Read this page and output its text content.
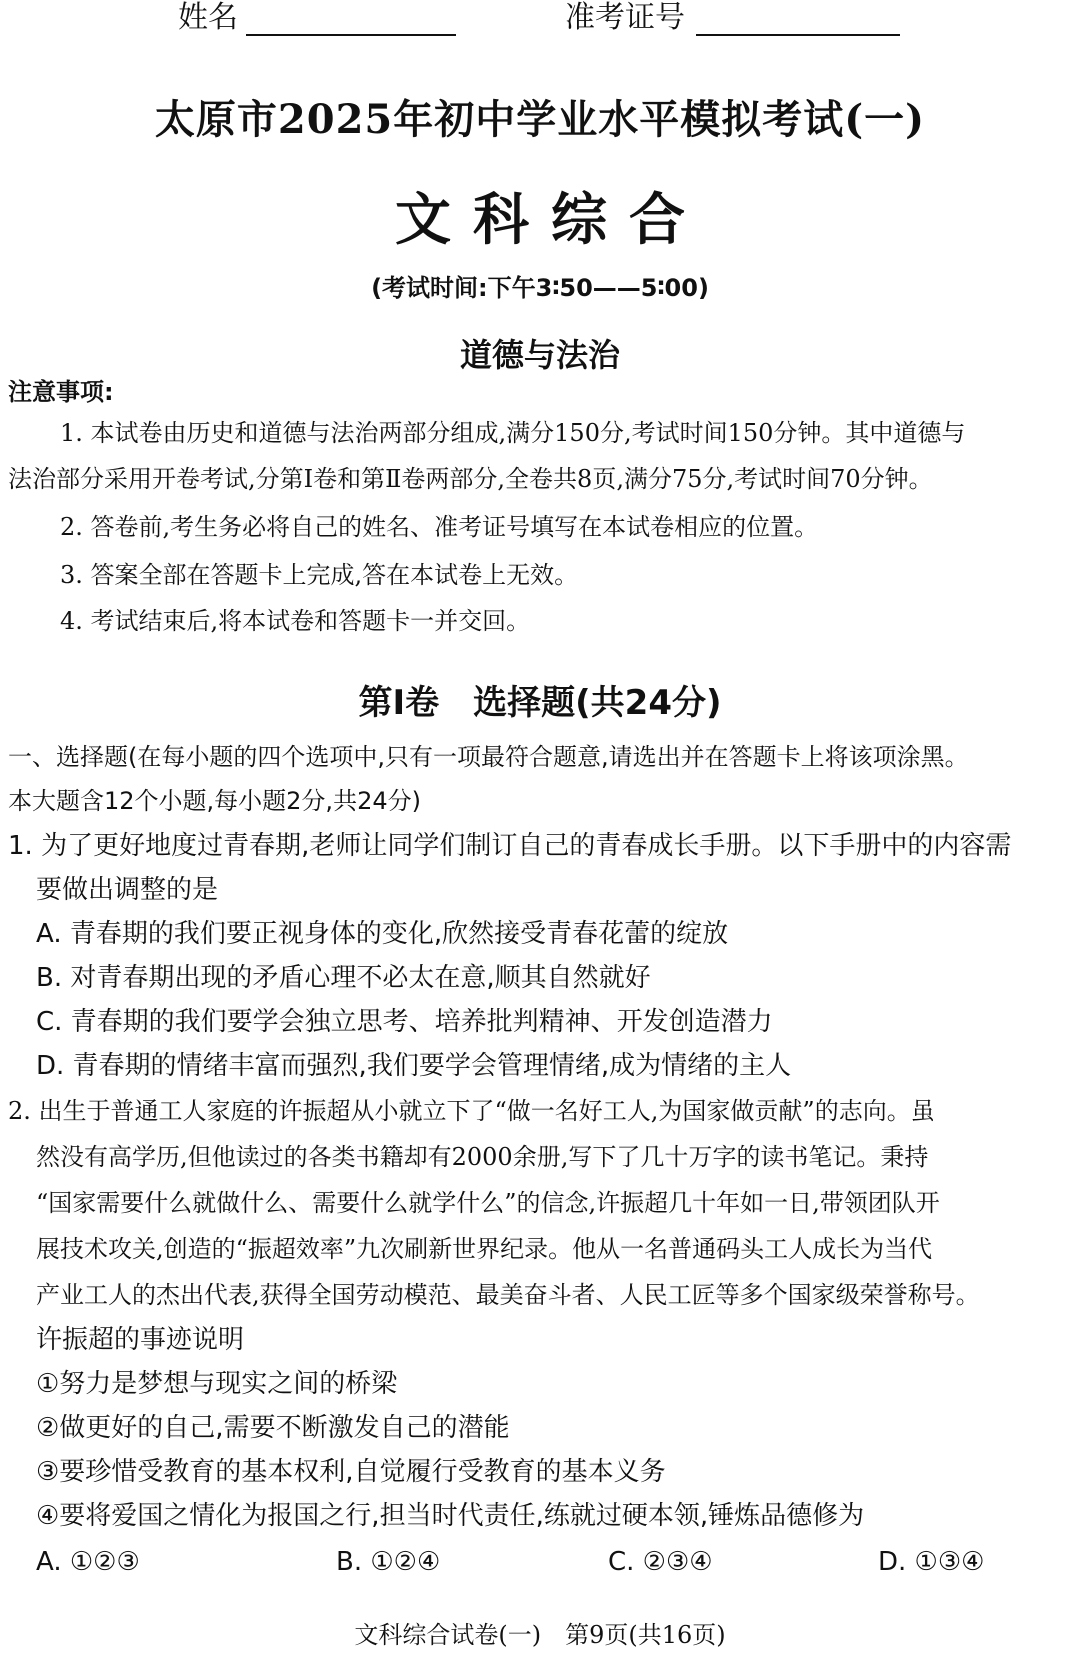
姓名	准考证号
太原市2025年初中学业水平模拟考试(一)
文科综合
(考试时间:下午3∶50——5∶00)
道德与法治
注意事项:
1. 本试卷由历史和道德与法治两部分组成,满分150分,考试时间150分钟。其中道德与
法治部分采用开卷考试,分第Ⅰ卷和第Ⅱ卷两部分,全卷共8页,满分75分,考试时间70分钟。
2. 答卷前,考生务必将自己的姓名、准考证号填写在本试卷相应的位置。
3. 答案全部在答题卡上完成,答在本试卷上无效。
4. 考试结束后,将本试卷和答题卡一并交回。
第Ⅰ卷　选择题(共24分)
一、选择题(在每小题的四个选项中,只有一项最符合题意,请选出并在答题卡上将该项涂黑。
本大题含12个小题,每小题2分,共24分)
1. 为了更好地度过青春期,老师让同学们制订自己的青春成长手册。以下手册中的内容需
要做出调整的是
A. 青春期的我们要正视身体的变化,欣然接受青春花蕾的绽放
B. 对青春期出现的矛盾心理不必太在意,顺其自然就好
C. 青春期的我们要学会独立思考、培养批判精神、开发创造潜力
D. 青春期的情绪丰富而强烈,我们要学会管理情绪,成为情绪的主人
2. 出生于普通工人家庭的许振超从小就立下了“做一名好工人,为国家做贡献”的志向。虽
然没有高学历,但他读过的各类书籍却有2000余册,写下了几十万字的读书笔记。秉持
“国家需要什么就做什么、需要什么就学什么”的信念,许振超几十年如一日,带领团队开
展技术攻关,创造的“振超效率”九次刷新世界纪录。他从一名普通码头工人成长为当代
产业工人的杰出代表,获得全国劳动模范、最美奋斗者、人民工匠等多个国家级荣誉称号。
许振超的事迹说明
①努力是梦想与现实之间的桥梁
②做更好的自己,需要不断激发自己的潜能
③要珍惜受教育的基本权利,自觉履行受教育的基本义务
④要将爱国之情化为报国之行,担当时代责任,练就过硬本领,锤炼品德修为
A. ①②③	B. ①②④	C. ②③④	D. ①③④
文科综合试卷(一)　第9页(共16页)
